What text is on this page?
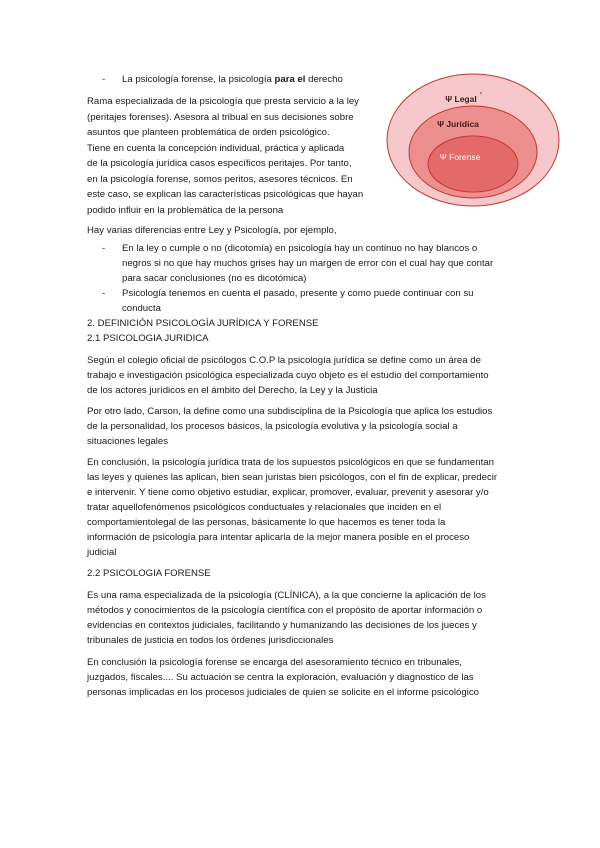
- La psicología forense, la psicología para el derecho

Rama especializada de la psicología que presta servicio a la ley

(peritajes forenses). Asesora al tribual en sus decisiones sobre

asuntos que planteen problemática de orden psicológico.

Tiene en cuenta la concepción individual, práctica y aplicada

de la psicología jurídica casos específicos peritajes. Por tanto,

en la psicología forense, somos peritos, asesores técnicos. En

este caso, se explican las características psicológicas que hayan

podido influir en la problemática de la persona

Ψ Legal
Ψ Jurídica
Ψ Forense

Hay varias diferencias entre Ley y Psicología, por ejemplo,

- En la ley o cumple o no (dicotomía) en psicología hay un continuo no hay blancos o

negros si no que hay muchos grises hay un margen de error con el cual hay que contar

para sacar conclusiones (no es dicotómica)

- Psicología tenemos en cuenta el pasado, presente y como puede continuar con su

conducta

2. DEFINICIÓN PSICOLOGÍA JURÍDICA Y FORENSE

2.1 PSICOLOGIA JURIDICA

Según el colegio oficial de psicólogos C.O.P la psicología jurídica se define como un área de

trabajo e investigación psicológica especializada cuyo objeto es el estudio del comportamiento

de los actores jurídicos en el ámbito del Derecho, la Ley y la Justicia

Por otro lado, Carson, la define como una subdisciplina de la Psicología que aplica los estudios

de la personalidad, los procesos básicos, la psicología evolutiva y la psicología social a

situaciones legales

En conclusión, la psicología jurídica trata de los supuestos psicológicos en que se fundamentan

las leyes y quienes las aplican, bien sean juristas bien psicólogos, con el fin de explicar, predecir

e intervenir. Y tiene como objetivo estudiar, explicar, promover, evaluar, prevenit y asesorar y/o

tratar aquellofenómenos psicológicos conductuales y relacionales que inciden en el

comportamientolegal de las personas, básicamente lo que hacemos es tener toda la

información de psicología para intentar aplicarla de la mejor manera posible en el proceso

judicial

2.2 PSICOLOGIA FORENSE

Es una rama especializada de la psicología (CLÍNICA), a la que concierne la aplicación de los

métodos y conocimientos de la psicología científica con el propósito de aportar información o

evidencias en contextos judiciales, facilitando y humanizando las decisiones de los jueces y

tribunales de justicia en todos los órdenes jurisdiccionales

En conclusión la psicología forense se encarga del asesoramiento técnico en tribunales,

juzgados, fiscales.... Su actuación se centra la exploración, evaluación y diagnostico de las

personas implicadas en los procesos judiciales de quien se solicite en el informe psicológico
